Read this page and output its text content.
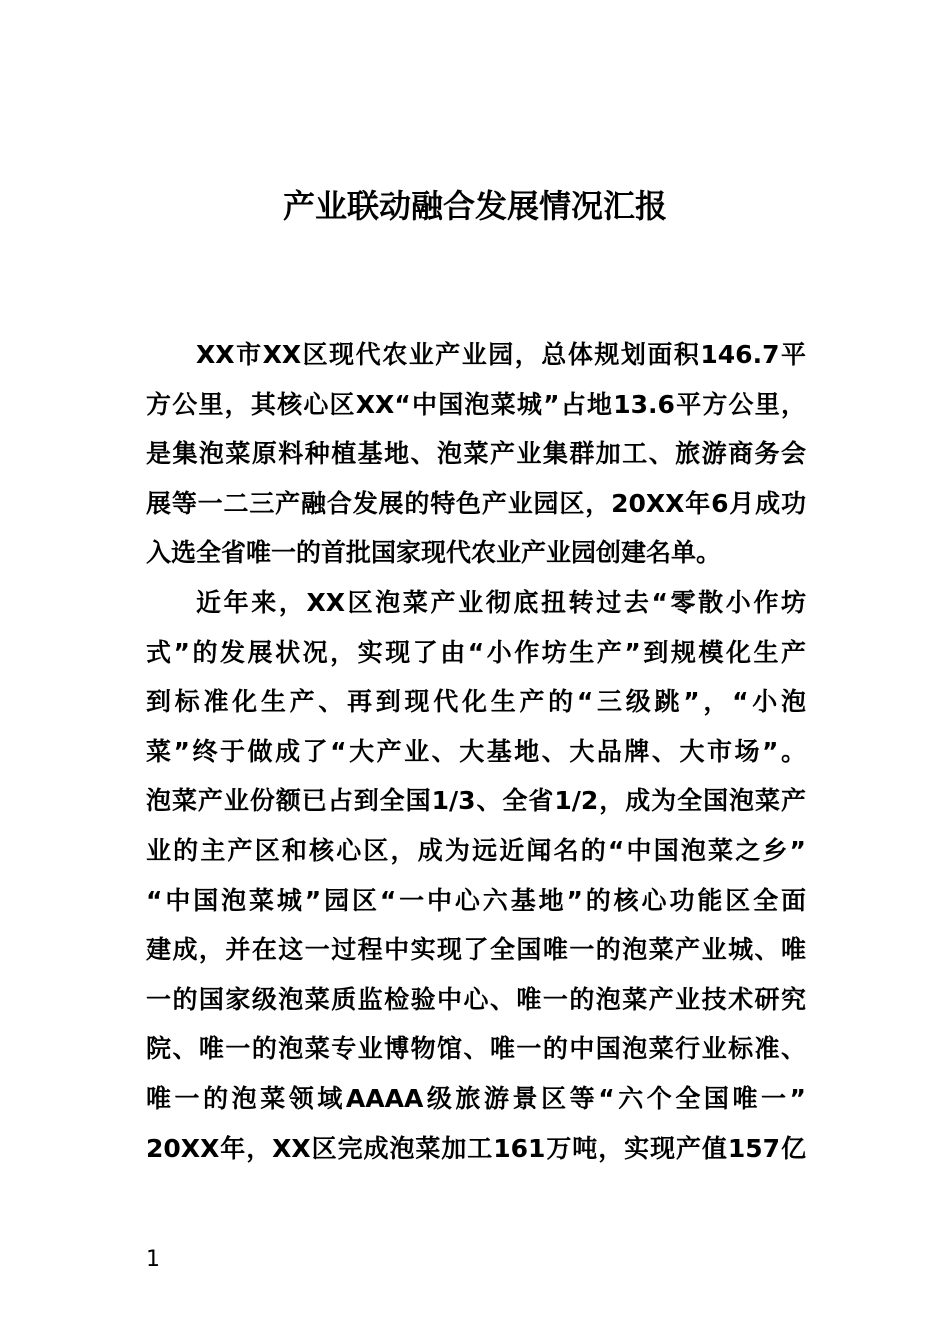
产业联动融合发展情况汇报
XX市XX区现代农业产业园，总体规划面积146.7平
方公里，其核心区XX“中国泡菜城”占地13.6平方公里，
是集泡菜原料种植基地、泡菜产业集群加工、旅游商务会
展等一二三产融合发展的特色产业园区，20XX年6月成功
入选全省唯一的首批国家现代农业产业园创建名单。
近年来，XX区泡菜产业彻底扭转过去“零散小作坊
式”的发展状况，实现了由“小作坊生产”到规模化生产
到标准化生产、再到现代化生产的“三级跳”，“小泡
菜”终于做成了“大产业、大基地、大品牌、大市场”。
泡菜产业份额已占到全国1/3、全省1/2，成为全国泡菜产
业的主产区和核心区，成为远近闻名的“中国泡菜之乡”
“中国泡菜城”园区“一中心六基地”的核心功能区全面
建成，并在这一过程中实现了全国唯一的泡菜产业城、唯
一的国家级泡菜质监检验中心、唯一的泡菜产业技术研究
院、唯一的泡菜专业博物馆、唯一的中国泡菜行业标准、
唯一的泡菜领域AAAA级旅游景区等“六个全国唯一”
20XX年，XX区完成泡菜加工161万吨，实现产值157亿
1
